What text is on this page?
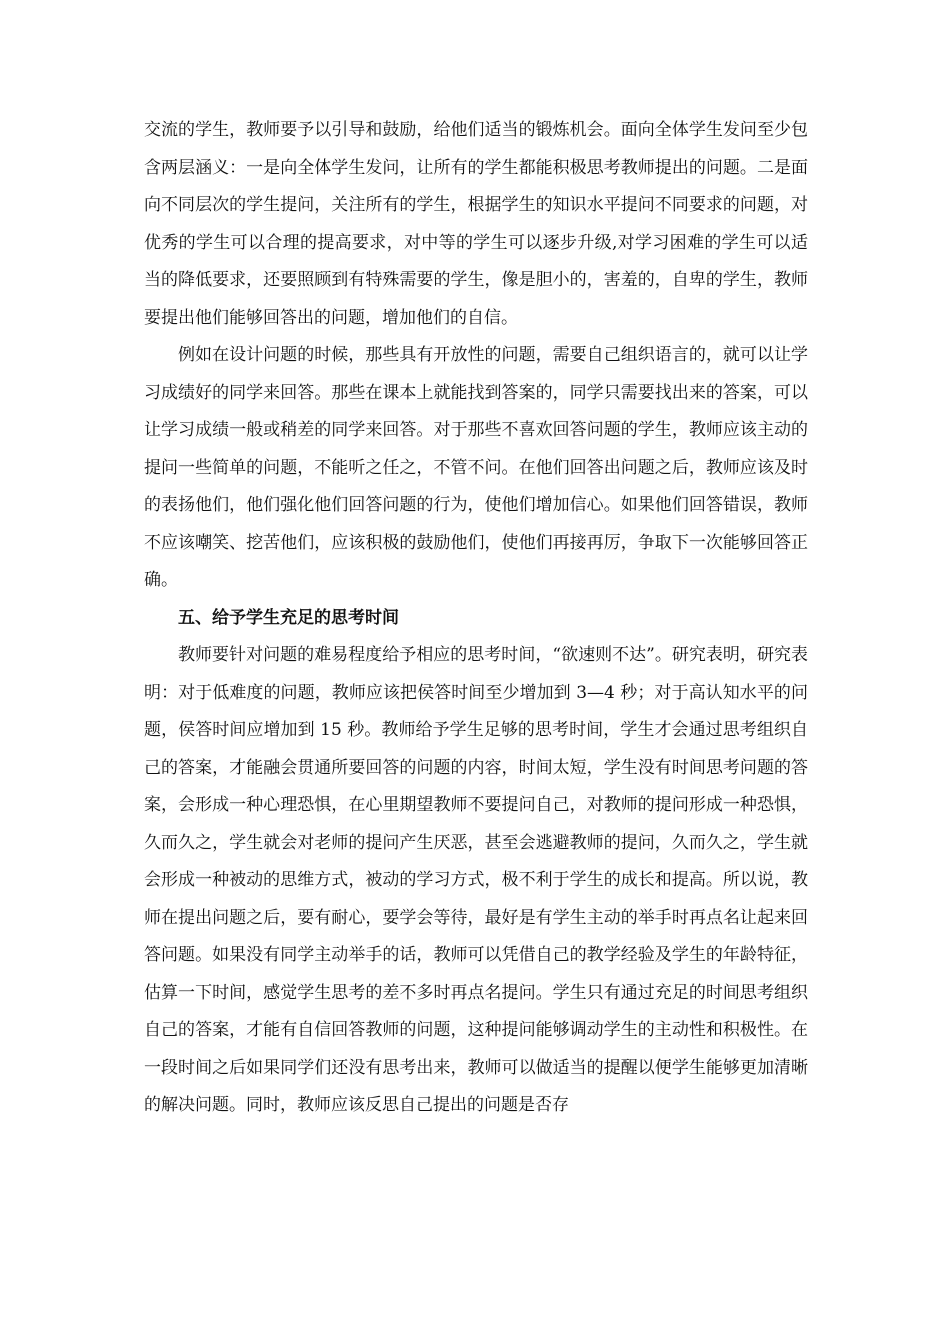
交流的学生，教师要予以引导和鼓励，给他们适当的锻炼机会。面向全体学生发问至少包含两层涵义：一是向全体学生发问，让所有的学生都能积极思考教师提出的问题。二是面向不同层次的学生提问，关注所有的学生，根据学生的知识水平提问不同要求的问题，对优秀的学生可以合理的提高要求，对中等的学生可以逐步升级,对学习困难的学生可以适当的降低要求，还要照顾到有特殊需要的学生，像是胆小的，害羞的，自卑的学生，教师要提出他们能够回答出的问题，增加他们的自信。

例如在设计问题的时候，那些具有开放性的问题，需要自己组织语言的，就可以让学习成绩好的同学来回答。那些在课本上就能找到答案的，同学只需要找出来的答案，可以让学习成绩一般或稍差的同学来回答。对于那些不喜欢回答问题的学生，教师应该主动的提问一些简单的问题，不能听之任之，不管不问。在他们回答出问题之后，教师应该及时的表扬他们，他们强化他们回答问题的行为，使他们增加信心。如果他们回答错误，教师不应该嘲笑、挖苦他们，应该积极的鼓励他们，使他们再接再厉，争取下一次能够回答正确。

五、给予学生充足的思考时间

教师要针对问题的难易程度给予相应的思考时间，“欲速则不达”。研究表明，研究表明：对于低难度的问题，教师应该把侯答时间至少增加到 3—4 秒；对于高认知水平的问题，侯答时间应增加到 15 秒。教师给予学生足够的思考时间，学生才会通过思考组织自己的答案，才能融会贯通所要回答的问题的内容，时间太短，学生没有时间思考问题的答案，会形成一种心理恐惧，在心里期望教师不要提问自己，对教师的提问形成一种恐惧，久而久之，学生就会对老师的提问产生厌恶，甚至会逃避教师的提问，久而久之，学生就会形成一种被动的思维方式，被动的学习方式，极不利于学生的成长和提高。所以说，教师在提出问题之后，要有耐心，要学会等待，最好是有学生主动的举手时再点名让起来回答问题。如果没有同学主动举手的话，教师可以凭借自己的教学经验及学生的年龄特征，估算一下时间，感觉学生思考的差不多时再点名提问。学生只有通过充足的时间思考组织自己的答案，才能有自信回答教师的问题，这种提问能够调动学生的主动性和积极性。在一段时间之后如果同学们还没有思考出来，教师可以做适当的提醒以便学生能够更加清晰的解决问题。同时，教师应该反思自己提出的问题是否存
